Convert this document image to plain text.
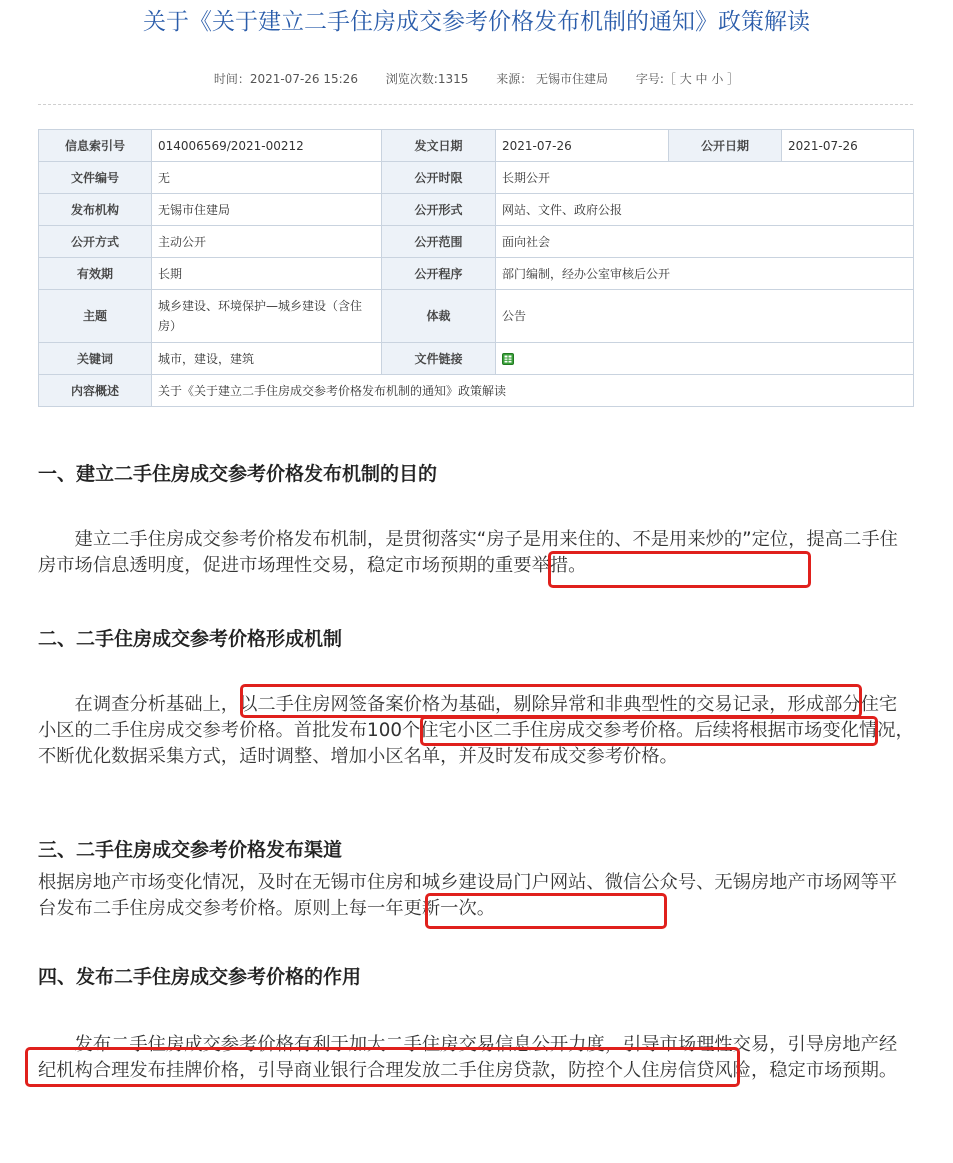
关于《关于建立二手住房成交参考价格发布机制的通知》政策解读
时间：2021-07-26 15:26 浏览次数:1315 来源： 无锡市住建局 字号:［ 大 中 小 ］
信息索引号	014006569/2021-00212	发文日期	2021-07-26	公开日期	2021-07-26
文件编号	无	公开时限	长期公开		
发布机构	无锡市住建局	公开形式	网站、文件、政府公报		
公开方式	主动公开	公开范围	面向社会		
有效期	长期	公开程序	部门编制，经办公室审核后公开		
主题	城乡建设、环境保护—城乡建设（含住房）	体裁	公告		
关键词	城市，建设，建筑	文件链接	
内容概述	关于《关于建立二手住房成交参考价格发布机制的通知》政策解读				
一、建立二手住房成交参考价格发布机制的目的
　　建立二手住房成交参考价格发布机制，是贯彻落实“房子是用来住的、不是用来炒的”定位，提高二手住房市场信息透明度，促进市场理性交易，稳定市场预期的重要举措。
二、二手住房成交参考价格形成机制
　　在调查分析基础上，以二手住房网签备案价格为基础，剔除异常和非典型性的交易记录，形成部分住宅小区的二手住房成交参考价格。首批发布100个住宅小区二手住房成交参考价格。后续将根据市场变化情况，不断优化数据采集方式，适时调整、增加小区名单，并及时发布成交参考价格。
三、二手住房成交参考价格发布渠道
根据房地产市场变化情况，及时在无锡市住房和城乡建设局门户网站、微信公众号、无锡房地产市场网等平台发布二手住房成交参考价格。原则上每一年更新一次。
四、发布二手住房成交参考价格的作用
　　发布二手住房成交参考价格有利于加大二手住房交易信息公开力度，引导市场理性交易，引导房地产经纪机构合理发布挂牌价格，引导商业银行合理发放二手住房贷款，防控个人住房信贷风险，稳定市场预期。
